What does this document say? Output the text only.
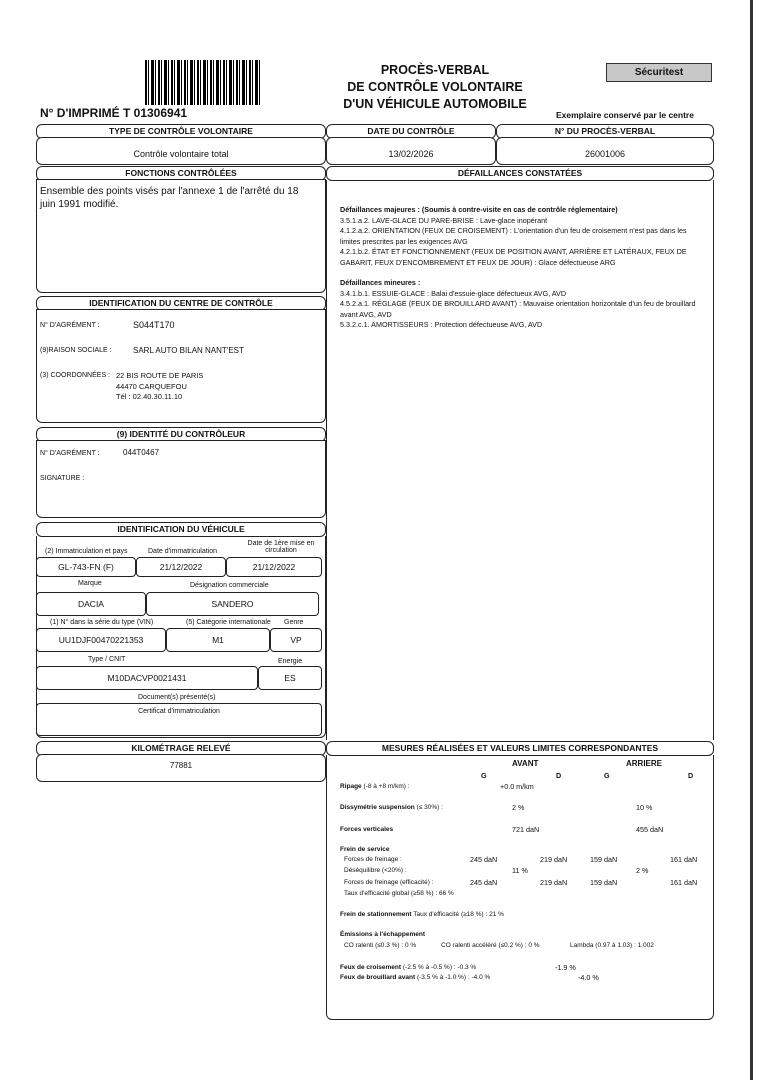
N° D'IMPRIMÉ T 01306941
PROCÈS-VERBAL
DE CONTRÔLE VOLONTAIRE
D'UN VÉHICULE AUTOMOBILE
Sécuritest
Exemplaire conservé par le centre
TYPE DE CONTRÔLE VOLONTAIRE
Contrôle volontaire total
DATE DU CONTRÔLE
13/02/2026
N° DU PROCÈS-VERBAL
26001006
FONCTIONS CONTRÔLÉES
Ensemble des points visés par l'annexe 1 de l'arrêté du 18 juin 1991 modifié.
DÉFAILLANCES CONSTATÉES
Défaillances majeures : (Soumis à contre-visite en cas de contrôle réglementaire)
3.5.1.a.2. LAVE-GLACE DU PARE-BRISE : Lave-glace inopérant
4.1.2.a.2. ORIENTATION (FEUX DE CROISEMENT) : L'orientation d'un feu de croisement n'est pas dans les limites prescrites par les exigences AVG
4.2.1.b.2. ÉTAT ET FONCTIONNEMENT (FEUX DE POSITION AVANT, ARRIÈRE ET LATÉRAUX, FEUX DE GABARIT, FEUX D'ENCOMBREMENT ET FEUX DE JOUR) : Glace défectueuse ARG
Défaillances mineures :
3.4.1.b.1. ESSUIE-GLACE : Balai d'essuie-glace défectueux AVG, AVD
4.5.2.a.1. RÉGLAGE (FEUX DE BROUILLARD AVANT) : Mauvaise orientation horizontale d'un feu de brouillard avant AVG, AVD
5.3.2.c.1. AMORTISSEURS : Protection défectueuse AVG, AVD
IDENTIFICATION DU CENTRE DE CONTRÔLE
N° D'AGRÉMENT :	S044T170
(9)RAISON SOCIALE :	SARL AUTO BILAN NANT'EST
(3) COORDONNÉES : 22 BIS ROUTE DE PARIS
44470 CARQUEFOU
Tél : 02.40.30.11.10
(9) IDENTITÉ DU CONTRÔLEUR
N° D'AGRÉMENT :	044T0467
SIGNATURE :
IDENTIFICATION DU VÉHICULE
(2) Immatriculation et pays	Date d'immatriculation
Date de 1ère mise en circulation
GL-743-FN (F)	21/12/2022	21/12/2022
Marque	Désignation commerciale
DACIA	SANDERO
(1) N° dans la série du type (VIN)	(5) Catégorie internationale Genre
UU1DJF00470221353	M1	VP
Type / CNIT	Energie
M10DACVP0021431	ES
Document(s) présenté(s)
Certificat d'immatriculation
KILOMÉTRAGE RELEVÉ
77881
MESURES RÉALISÉES ET VALEURS LIMITES CORRESPONDANTES
AVANT	ARRIERE
G	D	G	D
Ripage (-8 à +8 m/km) :	+0.0 m/km
Dissymétrie suspension (≤ 30%) :	2 %	10 %
Forces verticales	721 daN	455 daN
Frein de service
Forces de freinage :	245 daN	219 daN	159 daN	161 daN
Déséquilibre (<20%) :	11 %	2 %
Forces de freinage (efficacité) :	245 daN	219 daN	159 daN	161 daN
Taux d'efficacité global (≥58 %) : 66 %
Frein de stationnement Taux d'efficacité (≥18 %) : 21 %
Émissions à l'échappement
CO ralenti (≤0.3 %) : 0 %	CO ralenti accéléré (≤0.2 %) : 0 %	Lambda (0.97 à 1.03) : 1.002
Feux de croisement (-2.5 % à -0.5 %) : -0.3 %	-1.9 %
Feux de brouillard avant (-3.5 % à -1.0 %) : -4.0 %	-4.0 %
